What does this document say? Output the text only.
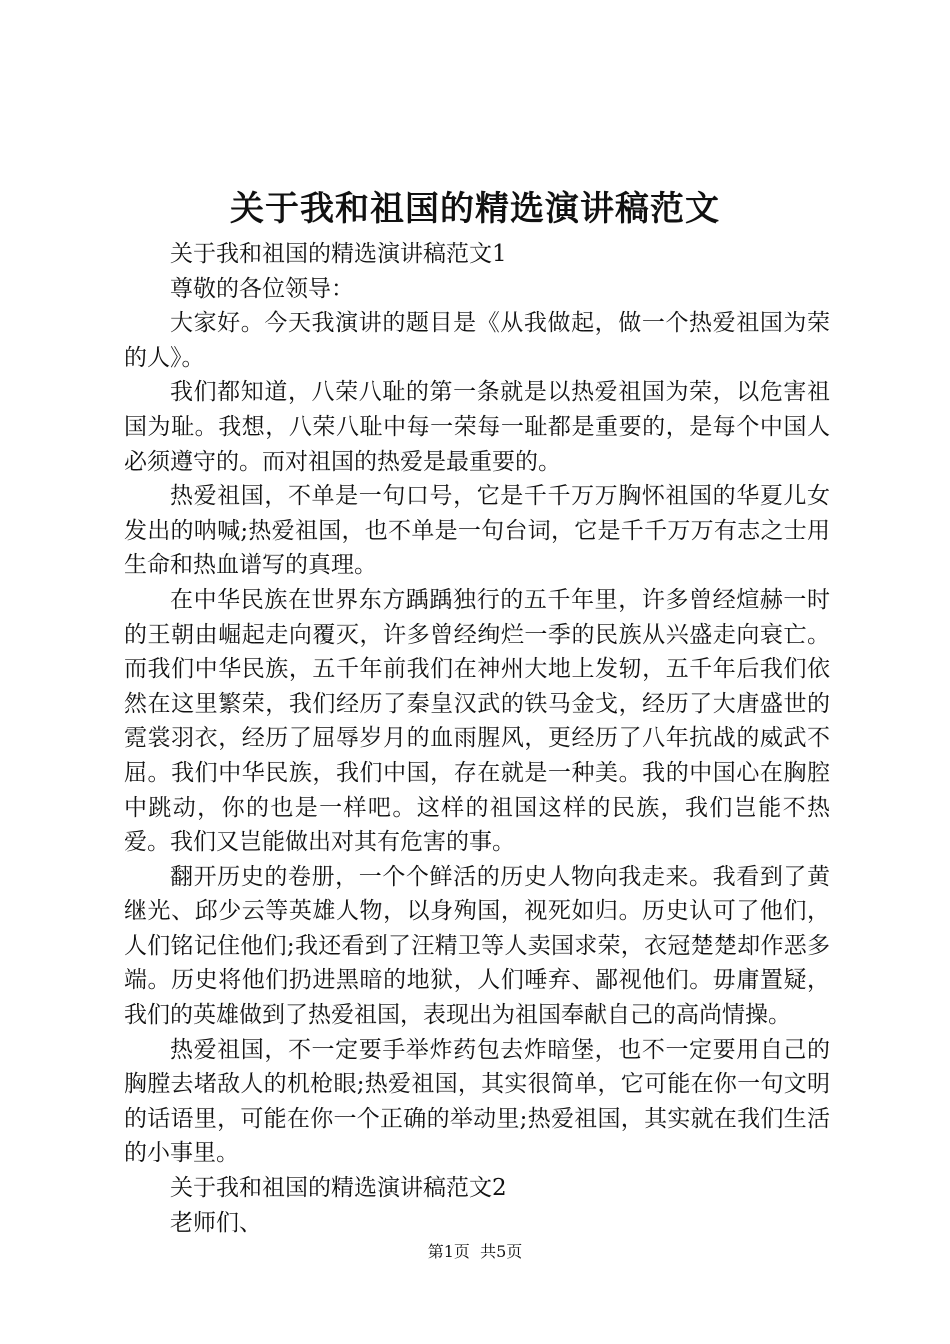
关于我和祖国的精选演讲稿范文

关于我和祖国的精选演讲稿范文1

尊敬的各位领导：

大家好。今天我演讲的题目是《从我做起，做一个热爱祖国为荣的人》。

我们都知道，八荣八耻的第一条就是以热爱祖国为荣，以危害祖国为耻。我想，八荣八耻中每一荣每一耻都是重要的，是每个中国人必须遵守的。而对祖国的热爱是最重要的。

热爱祖国，不单是一句口号，它是千千万万胸怀祖国的华夏儿女发出的呐喊;热爱祖国，也不单是一句台词，它是千千万万有志之士用生命和热血谱写的真理。

在中华民族在世界东方踽踽独行的五千年里，许多曾经煊赫一时的王朝由崛起走向覆灭，许多曾经绚烂一季的民族从兴盛走向衰亡。而我们中华民族，五千年前我们在神州大地上发轫，五千年后我们依然在这里繁荣，我们经历了秦皇汉武的铁马金戈，经历了大唐盛世的霓裳羽衣，经历了屈辱岁月的血雨腥风，更经历了八年抗战的威武不屈。我们中华民族，我们中国，存在就是一种美。我的中国心在胸腔中跳动，你的也是一样吧。这样的祖国这样的民族，我们岂能不热爱。我们又岂能做出对其有危害的事。

翻开历史的卷册，一个个鲜活的历史人物向我走来。我看到了黄继光、邱少云等英雄人物，以身殉国，视死如归。历史认可了他们，人们铭记住他们;我还看到了汪精卫等人卖国求荣，衣冠楚楚却作恶多端。历史将他们扔进黑暗的地狱，人们唾弃、鄙视他们。毋庸置疑，我们的英雄做到了热爱祖国，表现出为祖国奉献自己的高尚情操。

热爱祖国，不一定要手举炸药包去炸暗堡，也不一定要用自己的胸膛去堵敌人的机枪眼;热爱祖国，其实很简单，它可能在你一句文明的话语里，可能在你一个正确的举动里;热爱祖国，其实就在我们生活的小事里。

关于我和祖国的精选演讲稿范文2

老师们、

第1页 共5页
